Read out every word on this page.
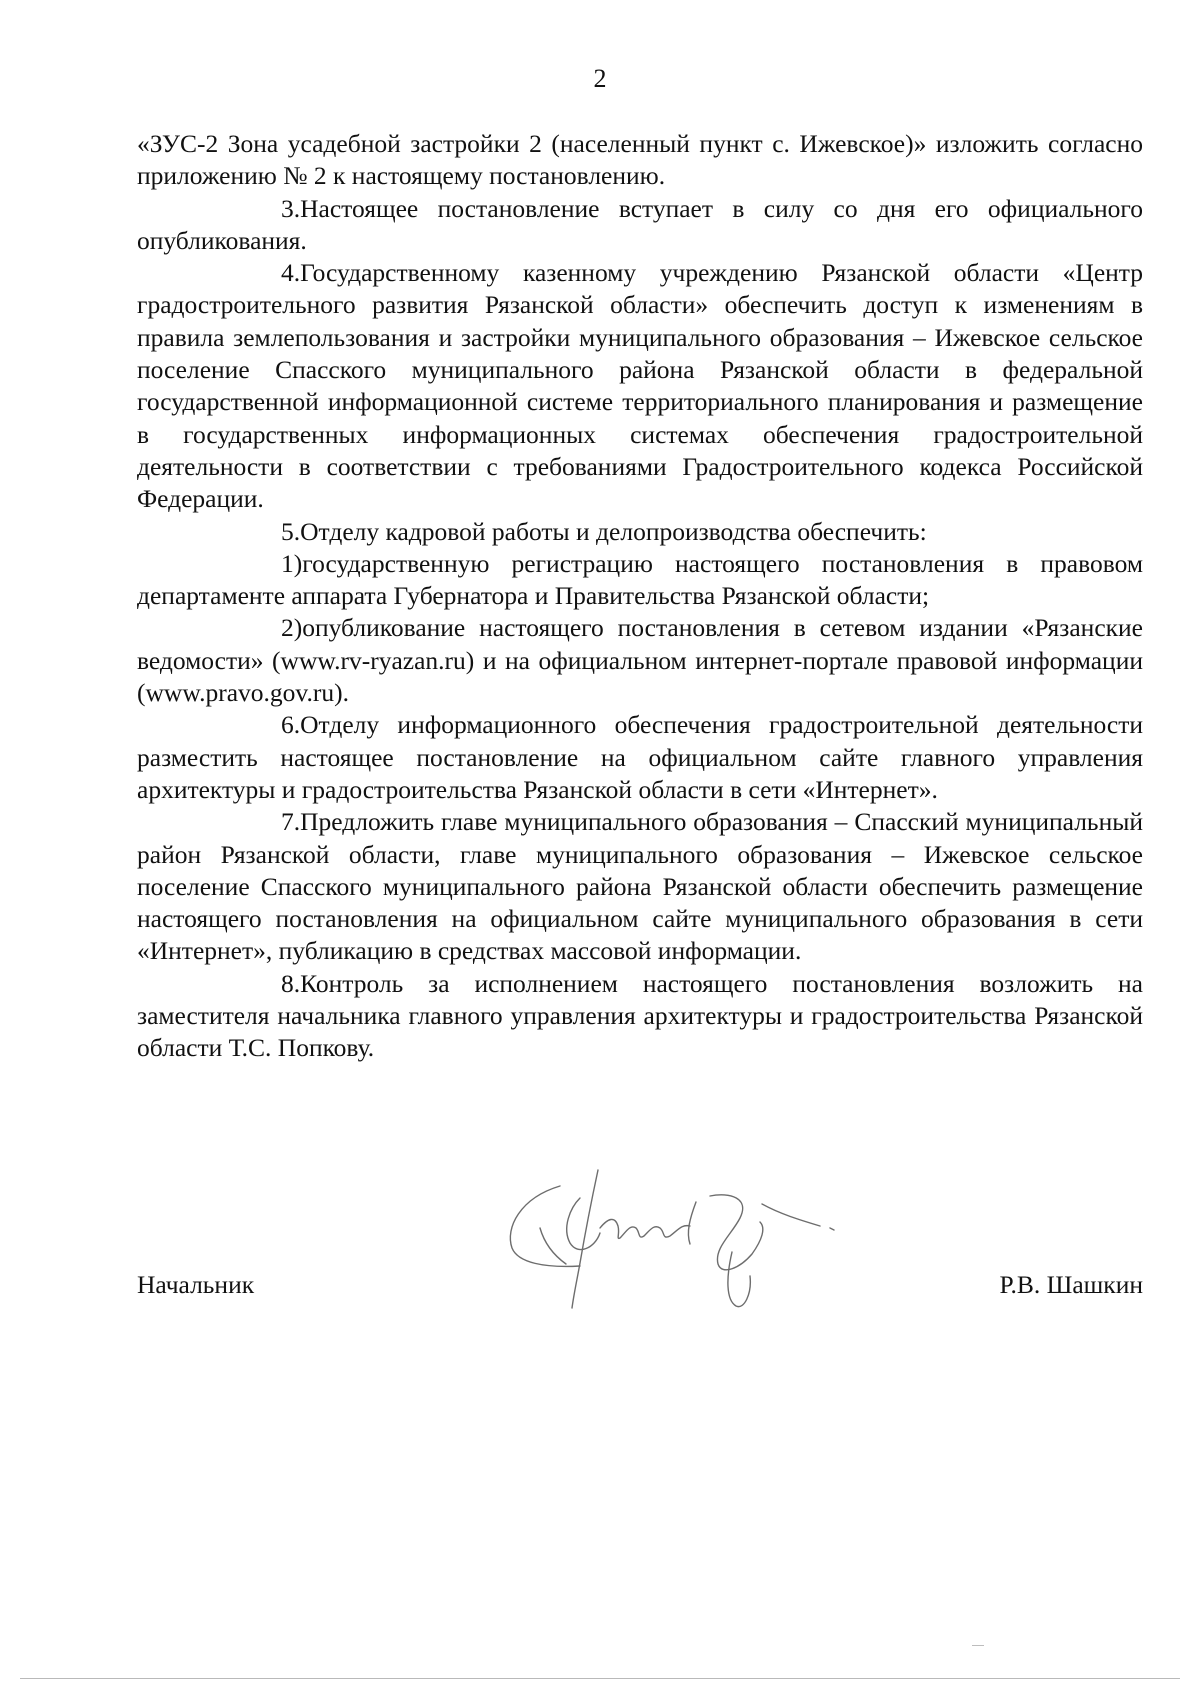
2

«ЗУС-2 Зона усадебной застройки 2 (населенный пункт с. Ижевское)» изложить согласно приложению № 2 к настоящему постановлению.

3.Настоящее постановление вступает в силу со дня его официального опубликования.

4.Государственному казенному учреждению Рязанской области «Центр градостроительного развития Рязанской области» обеспечить доступ к изменениям в правила землепользования и застройки муниципального образования – Ижевское сельское поселение Спасского муниципального района Рязанской области в федеральной государственной информационной системе территориального планирования и размещение в государственных информационных системах обеспечения градостроительной деятельности в соответствии с требованиями Градостроительного кодекса Российской Федерации.

5.Отделу кадровой работы и делопроизводства обеспечить:

1)государственную регистрацию настоящего постановления в правовом департаменте аппарата Губернатора и Правительства Рязанской области;

2)опубликование настоящего постановления в сетевом издании «Рязанские ведомости» (www.rv-ryazan.ru) и на официальном интернет-портале правовой информации (www.pravo.gov.ru).

6.Отделу информационного обеспечения градостроительной деятельности разместить настоящее постановление на официальном сайте главного управления архитектуры и градостроительства Рязанской области в сети «Интернет».

7.Предложить главе муниципального образования – Спасский муниципальный район Рязанской области, главе муниципального образования – Ижевское сельское поселение Спасского муниципального района Рязанской области обеспечить размещение настоящего постановления на официальном сайте муниципального образования в сети «Интернет», публикацию в средствах массовой информации.

8.Контроль за исполнением настоящего постановления возложить на заместителя начальника главного управления архитектуры и градостроительства Рязанской области Т.С. Попкову.

Начальник	Р.В. Шашкин
